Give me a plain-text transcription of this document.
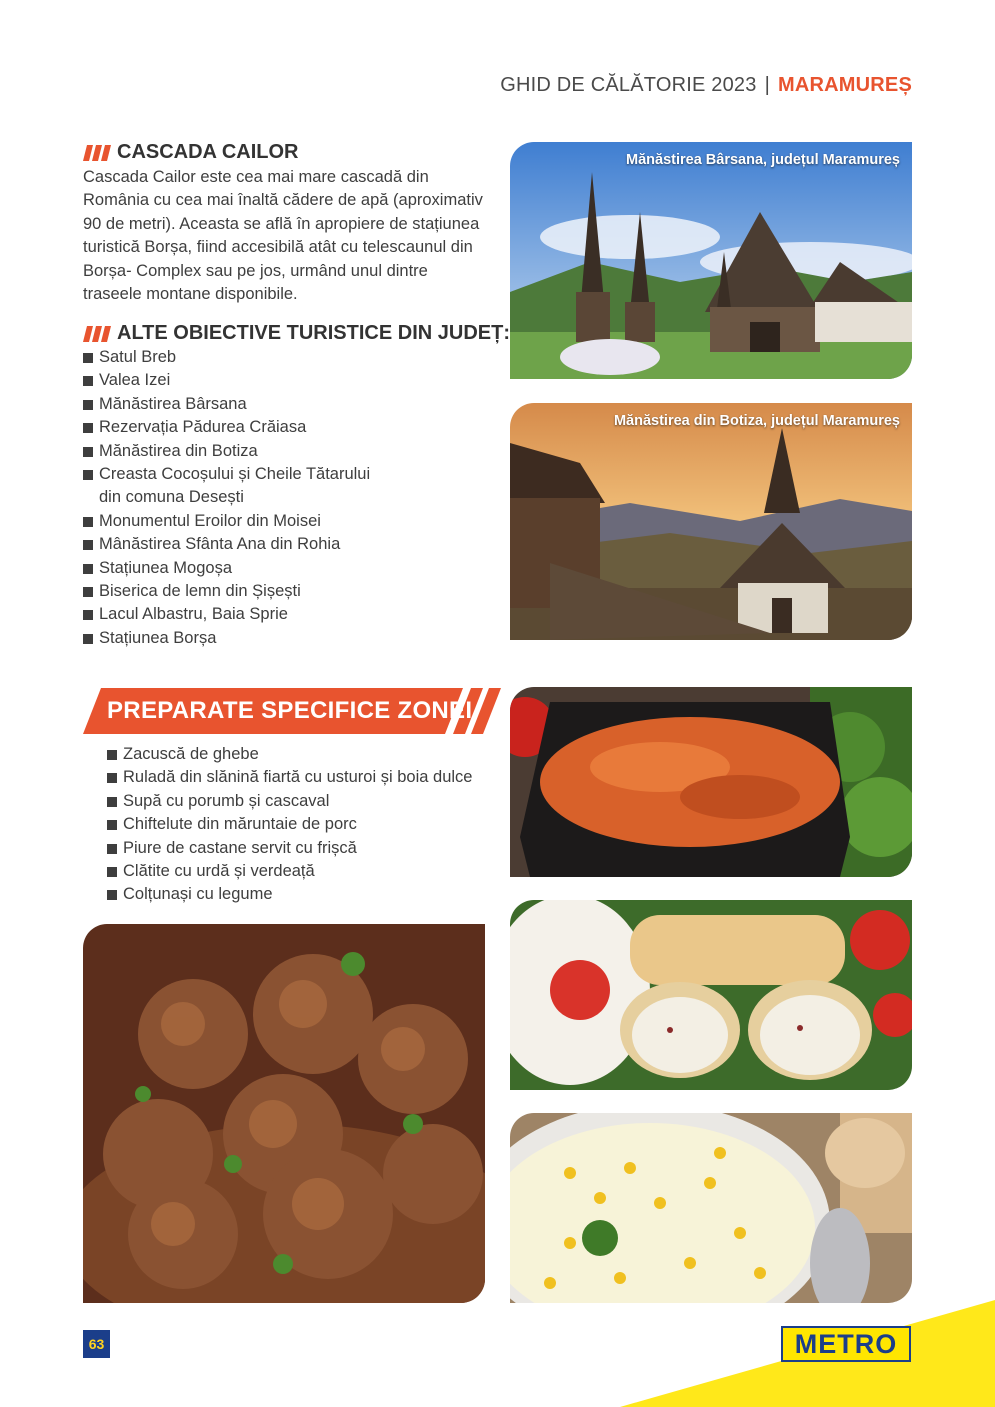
GHID DE CĂLĂTORIE 2023 | MARAMUREȘ
CASCADA CAILOR
Cascada Cailor este cea mai mare cascadă din România cu cea mai înaltă cădere de apă (aproximativ 90 de metri). Aceasta se află în apropiere de stațiunea turistică Borșa, fiind accesibilă atât cu telescaunul din Borșa- Complex sau pe jos, urmând unul dintre traseele montane disponibile.
ALTE OBIECTIVE TURISTICE DIN JUDEȚ:
Satul Breb
Valea Izei
Mănăstirea Bârsana
Rezervația Pădurea Crăiasa
Mănăstirea din Botiza
Creasta Cocoșului și Cheile Tătarului din comuna Desești
Monumentul Eroilor din Moisei
Mânăstirea Sfânta Ana din Rohia
Stațiunea Mogoșa
Biserica de lemn din Șișești
Lacul Albastru, Baia Sprie
Stațiunea Borșa
Mănăstirea Bârsana, județul Maramureș
Mănăstirea din Botiza, județul Maramureș
PREPARATE SPECIFICE ZONEI
Zacuscă de ghebe
Ruladă din slănină fiartă cu usturoi și boia dulce
Supă cu porumb și cascaval
Chiftelute din măruntaie de porc
Piure de castane servit cu frișcă
Clătite cu urdă și verdeață
Colțunași cu legume
63	METRO
